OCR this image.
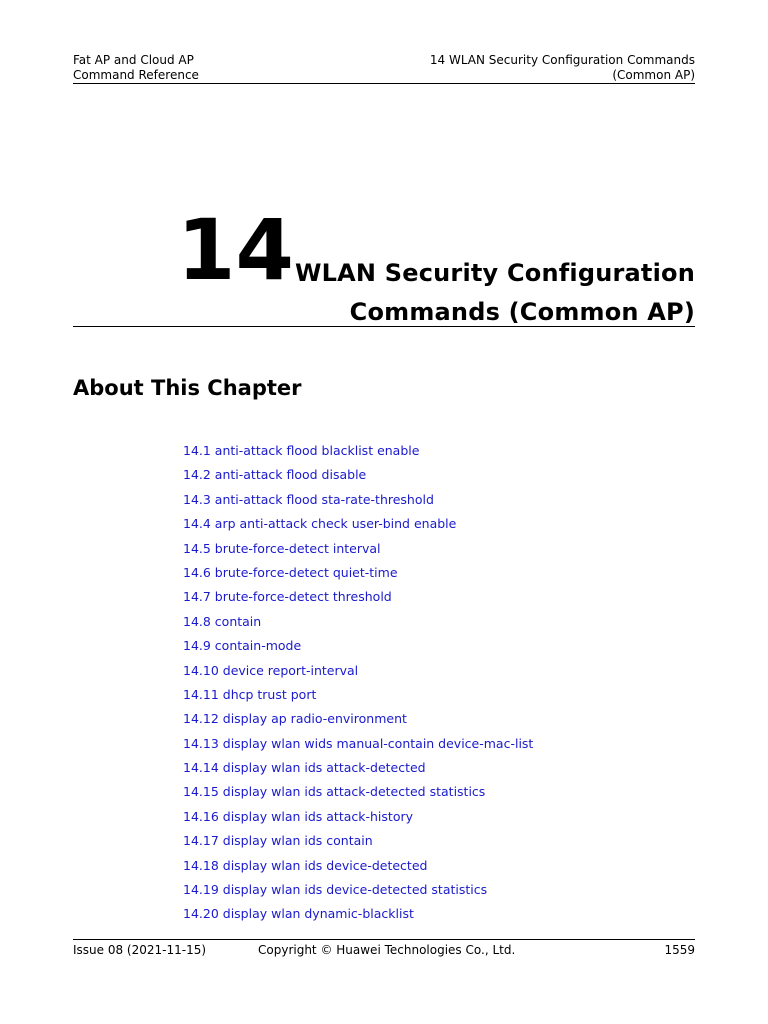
Fat AP and Cloud AP
Command Reference
14 WLAN Security Configuration Commands
(Common AP)
14 WLAN Security Configuration
Commands (Common AP)
About This Chapter
14.1 anti-attack flood blacklist enable
14.2 anti-attack flood disable
14.3 anti-attack flood sta-rate-threshold
14.4 arp anti-attack check user-bind enable
14.5 brute-force-detect interval
14.6 brute-force-detect quiet-time
14.7 brute-force-detect threshold
14.8 contain
14.9 contain-mode
14.10 device report-interval
14.11 dhcp trust port
14.12 display ap radio-environment
14.13 display wlan wids manual-contain device-mac-list
14.14 display wlan ids attack-detected
14.15 display wlan ids attack-detected statistics
14.16 display wlan ids attack-history
14.17 display wlan ids contain
14.18 display wlan ids device-detected
14.19 display wlan ids device-detected statistics
14.20 display wlan dynamic-blacklist
Issue 08 (2021-11-15)	Copyright © Huawei Technologies Co., Ltd.	1559
